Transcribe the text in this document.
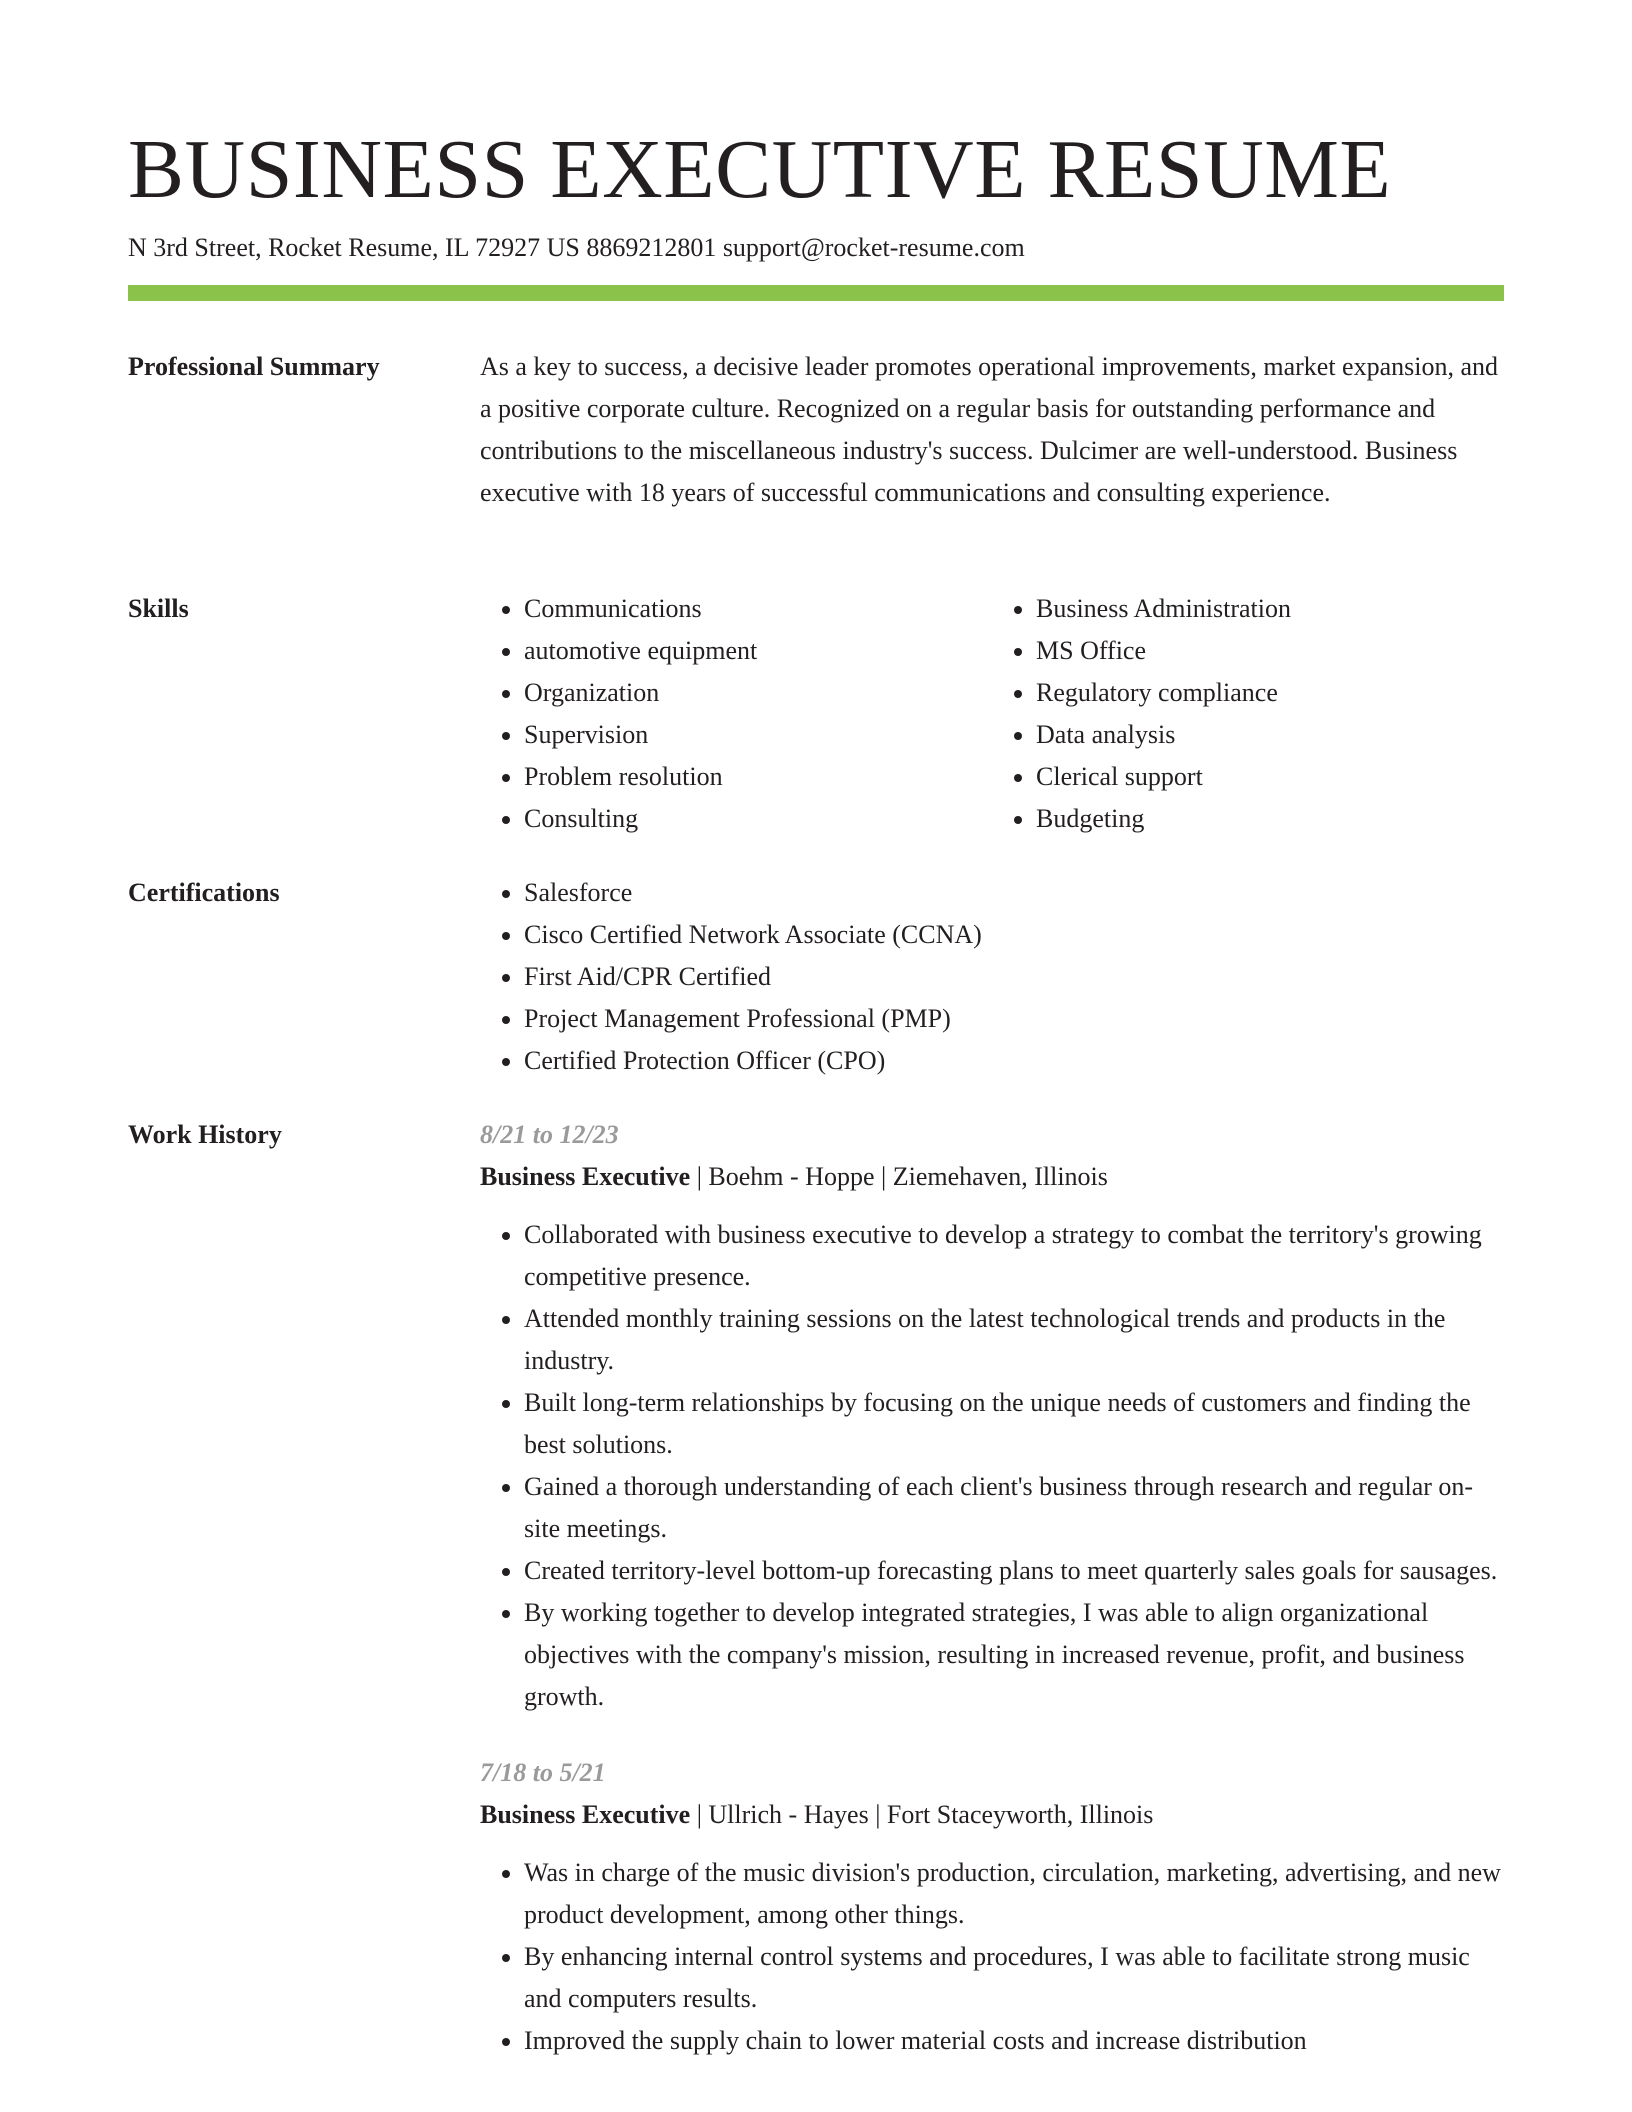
BUSINESS EXECUTIVE RESUME
N 3rd Street, Rocket Resume, IL 72927 US 8869212801 support@rocket-resume.com
Professional Summary	As a key to success, a decisive leader promotes operational improvements, market expansion, and a positive corporate culture. Recognized on a regular basis for outstanding performance and contributions to the miscellaneous industry's success. Dulcimer are well-understood. Business executive with 18 years of successful communications and consulting experience.

Skills	• Communications
• automotive equipment
• Organization
• Supervision
• Problem resolution
• Consulting
• Business Administration
• MS Office
• Regulatory compliance
• Data analysis
• Clerical support
• Budgeting
Certifications	• Salesforce
• Cisco Certified Network Associate (CCNA)
• First Aid/CPR Certified
• Project Management Professional (PMP)
• Certified Protection Officer (CPO)
Work History	8/21 to 12/23
Business Executive | Boehm - Hoppe | Ziemehaven, Illinois
• Collaborated with business executive to develop a strategy to combat the territory's growing competitive presence.
• Attended monthly training sessions on the latest technological trends and products in the industry.
• Built long-term relationships by focusing on the unique needs of customers and finding the best solutions.
• Gained a thorough understanding of each client's business through research and regular on-site meetings.
• Created territory-level bottom-up forecasting plans to meet quarterly sales goals for sausages.
• By working together to develop integrated strategies, I was able to align organizational objectives with the company's mission, resulting in increased revenue, profit, and business growth.
7/18 to 5/21
Business Executive | Ullrich - Hayes | Fort Staceyworth, Illinois
• Was in charge of the music division's production, circulation, marketing, advertising, and new product development, among other things.
• By enhancing internal control systems and procedures, I was able to facilitate strong music and computers results.
• Improved the supply chain to lower material costs and increase distribution
